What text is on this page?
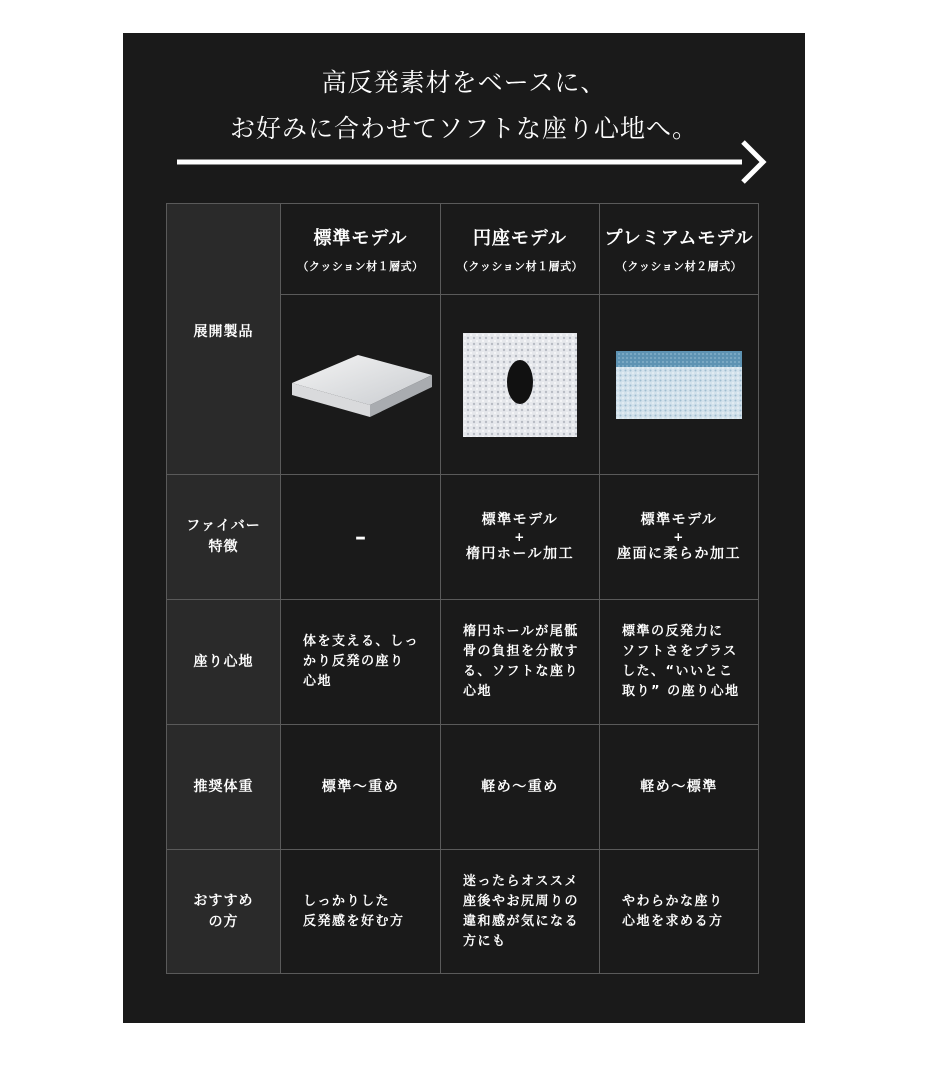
高反発素材をベースに、
お好みに合わせてソフトな座り心地へ。
展開製品
ファイバー
特徴
座り心地
推奨体重
おすすめ
の方
標準モデル
（クッション材１層式）
円座モデル
（クッション材１層式）
プレミアムモデル
（クッション材２層式）
–
標準モデル
+
楕円ホール加工
標準モデル
+
座面に柔らか加工
体を支える、しっ
かり反発の座り
心地
楕円ホールが尾骶
骨の負担を分散す
る、ソフトな座り
心地
標準の反発力に
ソフトさをプラス
した、“いいとこ
取り” の座り心地
標準～重め	軽め～重め	軽め～標準
しっかりした
反発感を好む方
迷ったらオススメ
座後やお尻周りの
違和感が気になる
方にも
やわらかな座り
心地を求める方
